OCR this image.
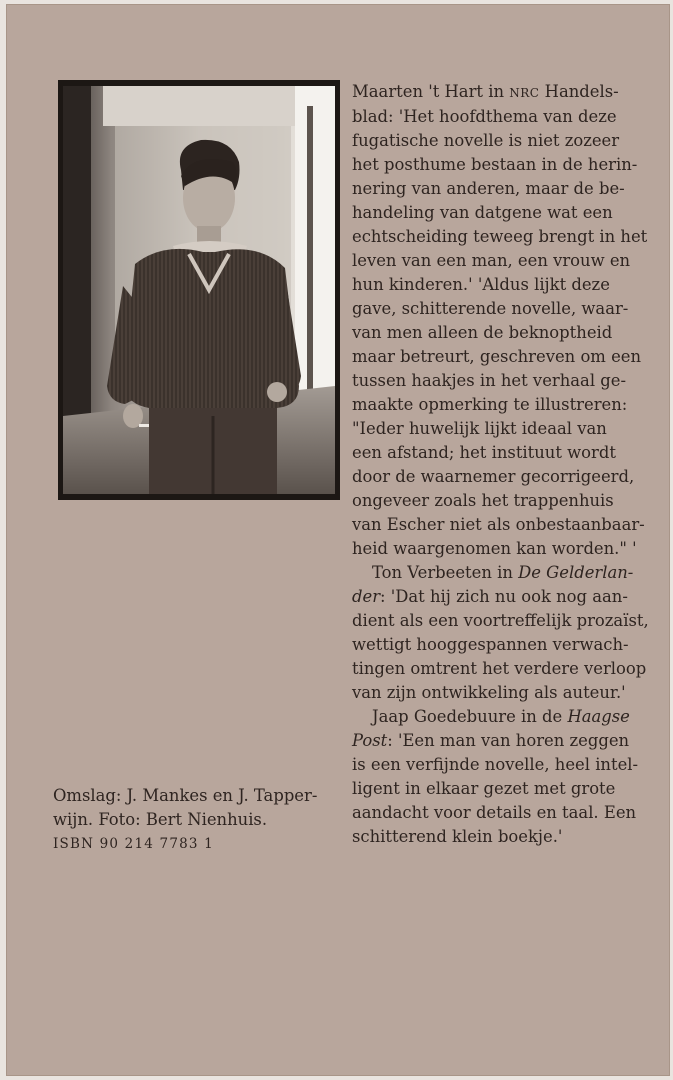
Maarten 't Hart in NRC Handels-
blad: 'Het hoofdthema van deze
fugatische novelle is niet zozeer
het posthume bestaan in de herin-
nering van anderen, maar de be-
handeling van datgene wat een
echtscheiding teweeg brengt in het
leven van een man, een vrouw en
hun kinderen.' 'Aldus lijkt deze
gave, schitterende novelle, waar-
van men alleen de beknoptheid
maar betreurt, geschreven om een
tussen haakjes in het verhaal ge-
maakte opmerking te illustreren:
"Ieder huwelijk lijkt ideaal van
een afstand; het instituut wordt
door de waarnemer gecorrigeerd,
ongeveer zoals het trappenhuis
van Escher niet als onbestaanbaar-
heid waargenomen kan worden." '
Ton Verbeeten in De Gelderlan-
der: 'Dat hij zich nu ook nog aan-
dient als een voortreffelijk prozaïst,
wettigt hooggespannen verwach-
tingen omtrent het verdere verloop
van zijn ontwikkeling als auteur.'
Jaap Goedebuure in de Haagse
Post: 'Een man van horen zeggen
is een verfijnde novelle, heel intel-
ligent in elkaar gezet met grote
aandacht voor details en taal. Een
schitterend klein boekje.'
Omslag: J. Mankes en J. Tapper-
wijn. Foto: Bert Nienhuis.
ISBN 90 214 7783 1
